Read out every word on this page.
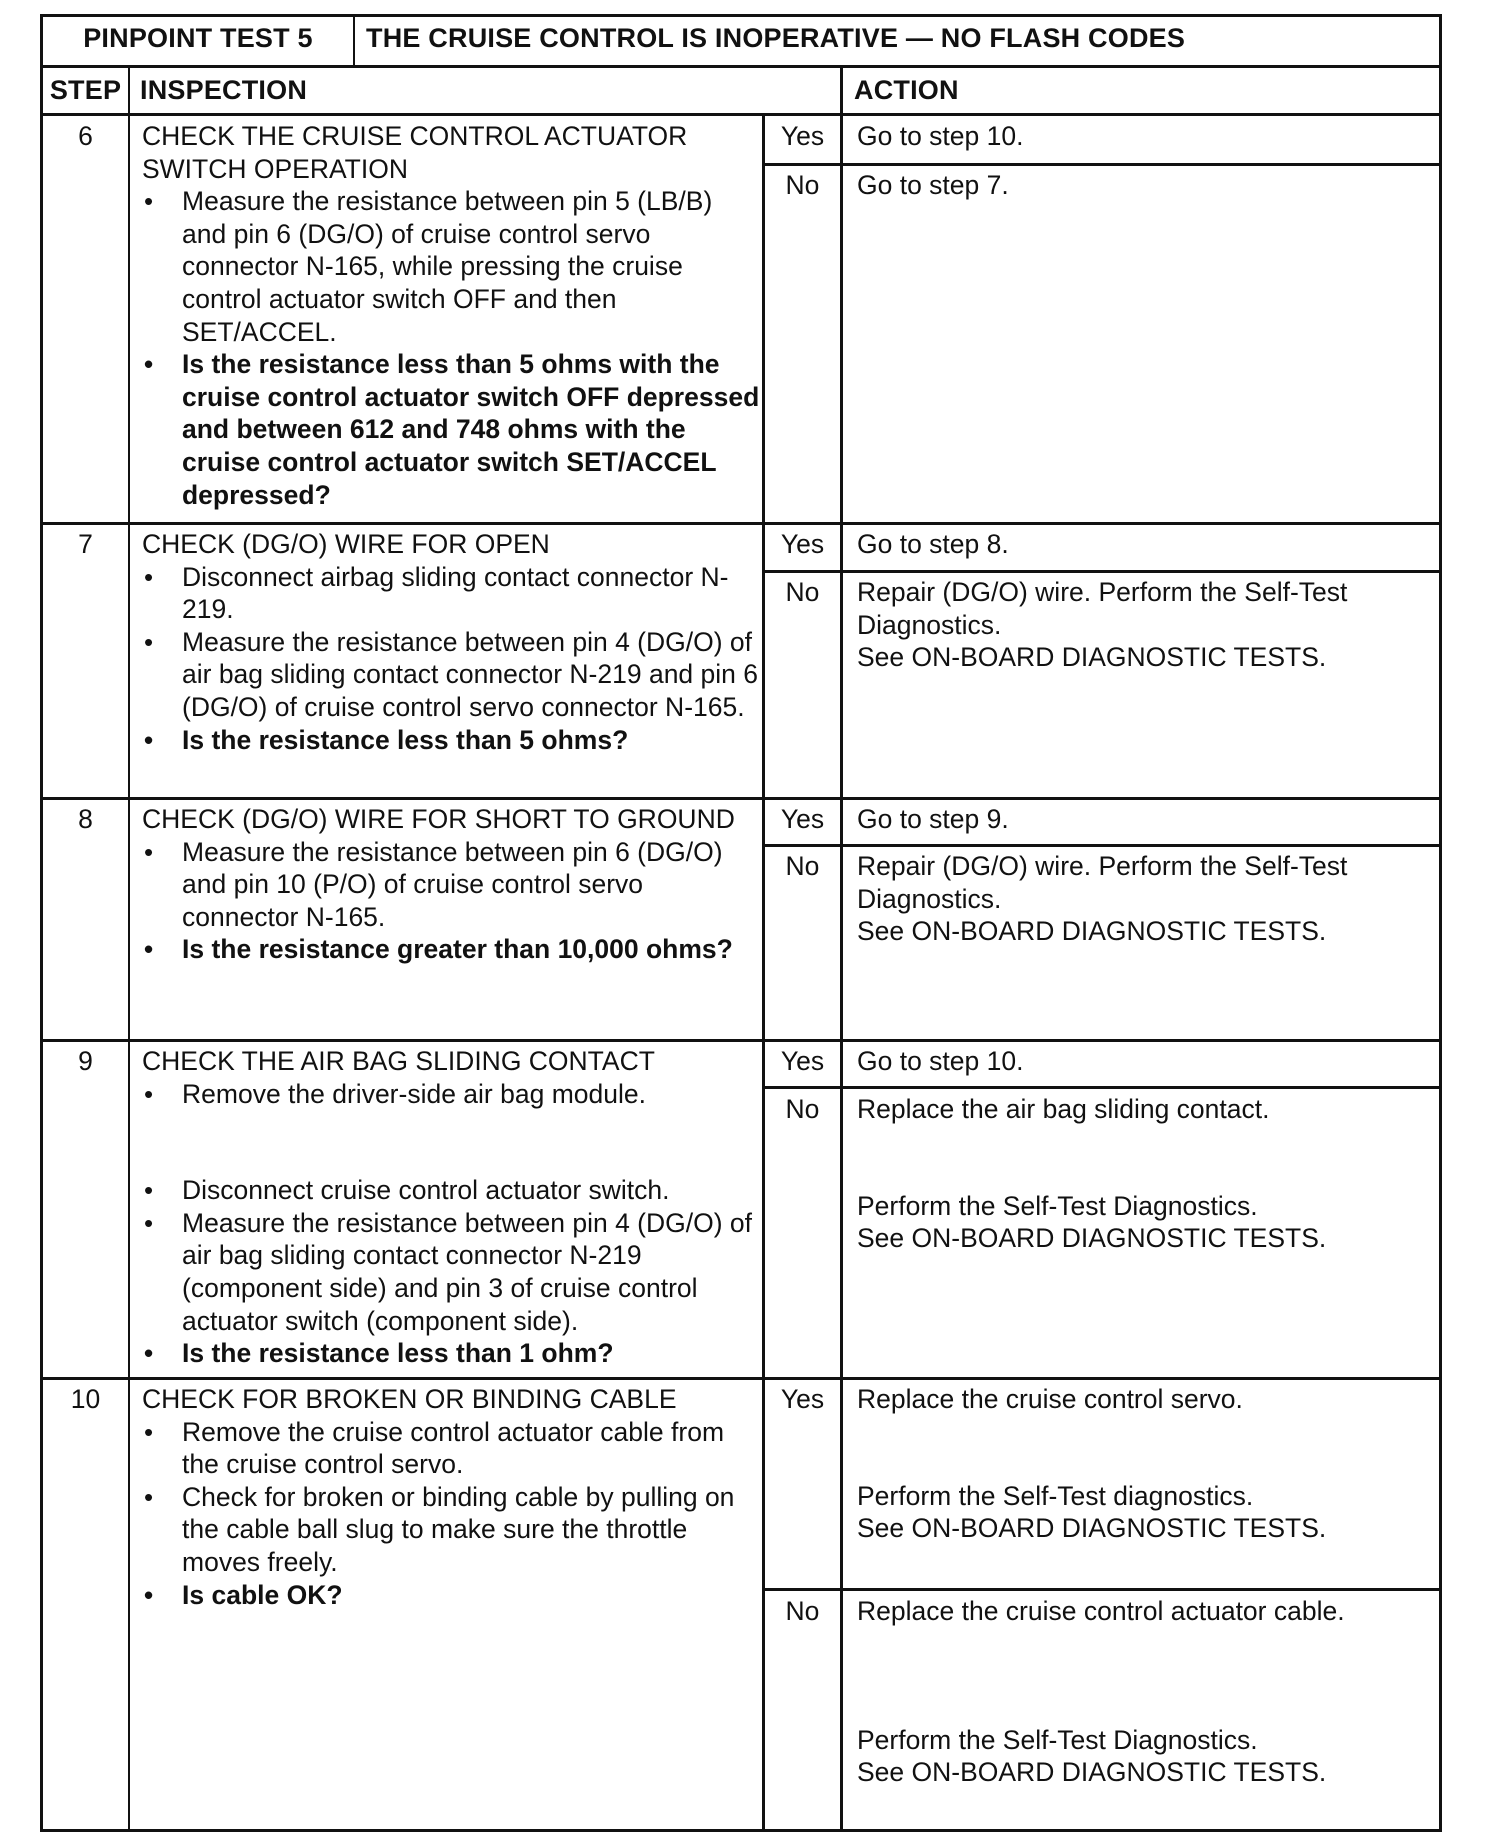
PINPOINT TEST 5	THE CRUISE CONTROL IS INOPERATIVE — NO FLASH CODES
STEP INSPECTION	ACTION
6	CHECK THE CRUISE CONTROL ACTUATOR SWITCH OPERATION
• Measure the resistance between pin 5 (LB/B) and pin 6 (DG/O) of cruise control servo connector N-165, while pressing the cruise control actuator switch OFF and then SET/ACCEL.
• Is the resistance less than 5 ohms with the cruise control actuator switch OFF depressed and between 612 and 748 ohms with the cruise control actuator switch SET/ACCEL depressed?
Yes	Go to step 10.
No	Go to step 7.
7	CHECK (DG/O) WIRE FOR OPEN
• Disconnect airbag sliding contact connector N-219.
• Measure the resistance between pin 4 (DG/O) of air bag sliding contact connector N-219 and pin 6 (DG/O) of cruise control servo connector N-165.
• Is the resistance less than 5 ohms?
Yes	Go to step 8.
No	Repair (DG/O) wire. Perform the Self-Test Diagnostics.
See ON-BOARD DIAGNOSTIC TESTS.
8	CHECK (DG/O) WIRE FOR SHORT TO GROUND
• Measure the resistance between pin 6 (DG/O) and pin 10 (P/O) of cruise control servo connector N-165.
• Is the resistance greater than 10,000 ohms?
Yes	Go to step 9.
No	Repair (DG/O) wire. Perform the Self-Test Diagnostics.
See ON-BOARD DIAGNOSTIC TESTS.
9	CHECK THE AIR BAG SLIDING CONTACT
• Remove the driver-side air bag module.
• Disconnect cruise control actuator switch.
• Measure the resistance between pin 4 (DG/O) of air bag sliding contact connector N-219 (component side) and pin 3 of cruise control actuator switch (component side).
• Is the resistance less than 1 ohm?
Yes	Go to step 10.
No	Replace the air bag sliding contact.
Perform the Self-Test Diagnostics.
See ON-BOARD DIAGNOSTIC TESTS.
10	CHECK FOR BROKEN OR BINDING CABLE
• Remove the cruise control actuator cable from the cruise control servo.
• Check for broken or binding cable by pulling on the cable ball slug to make sure the throttle moves freely.
• Is cable OK?
Yes	Replace the cruise control servo.
Perform the Self-Test diagnostics.
See ON-BOARD DIAGNOSTIC TESTS.
No	Replace the cruise control actuator cable.
Perform the Self-Test Diagnostics.
See ON-BOARD DIAGNOSTIC TESTS.
